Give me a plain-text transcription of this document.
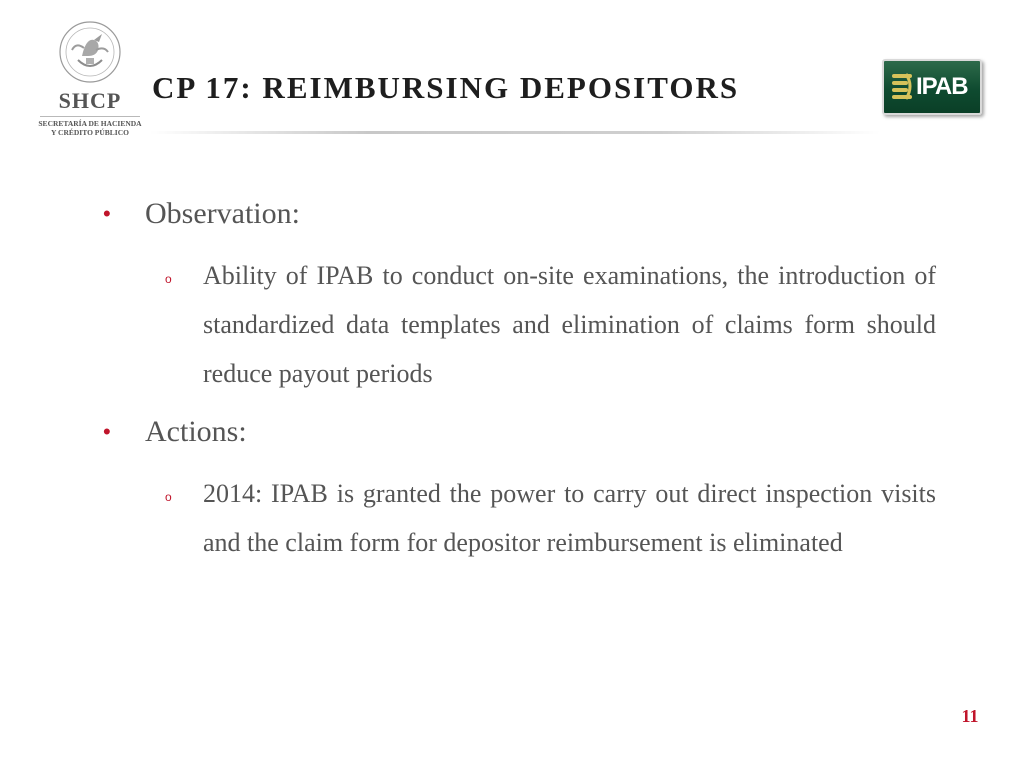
SHCP
SECRETARÍA DE HACIENDA
Y CRÉDITO PÚBLICO
CP 17: REIMBURSING DEPOSITORS	IPAB
• Observation:
o Ability of IPAB to conduct on-site examinations, the introduction of standardized data templates and elimination of claims form should reduce payout periods

• Actions:
o 2014: IPAB is granted the power to carry out direct inspection visits and the claim form for depositor reimbursement is eliminated

11
